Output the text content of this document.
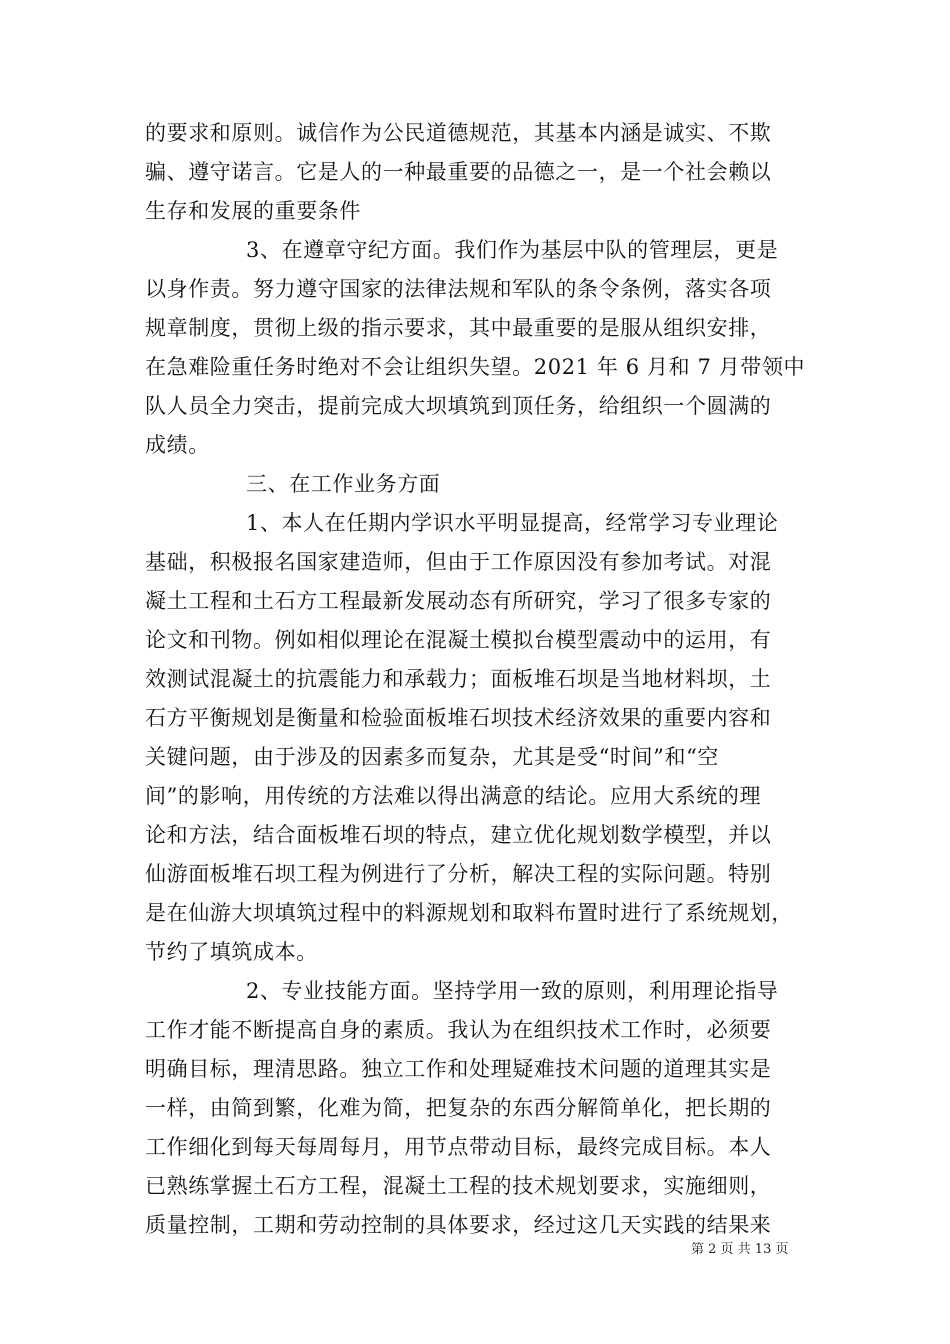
的要求和原则。诚信作为公民道德规范，其基本内涵是诚实、不欺
骗、遵守诺言。它是人的一种最重要的品德之一，是一个社会赖以
生存和发展的重要条件
3、在遵章守纪方面。我们作为基层中队的管理层，更是
以身作责。努力遵守国家的法律法规和军队的条令条例，落实各项
规章制度，贯彻上级的指示要求，其中最重要的是服从组织安排，
在急难险重任务时绝对不会让组织失望。2021 年 6 月和 7 月带领中
队人员全力突击，提前完成大坝填筑到顶任务，给组织一个圆满的
成绩。
三、在工作业务方面
1、本人在任期内学识水平明显提高，经常学习专业理论
基础，积极报名国家建造师，但由于工作原因没有参加考试。对混
凝土工程和土石方工程最新发展动态有所研究，学习了很多专家的
论文和刊物。例如相似理论在混凝土模拟台模型震动中的运用，有
效测试混凝土的抗震能力和承载力；面板堆石坝是当地材料坝，土
石方平衡规划是衡量和检验面板堆石坝技术经济效果的重要内容和
关键问题，由于涉及的因素多而复杂，尤其是受“时间”和“空
间”的影响，用传统的方法难以得出满意的结论。应用大系统的理
论和方法，结合面板堆石坝的特点，建立优化规划数学模型，并以
仙游面板堆石坝工程为例进行了分析，解决工程的实际问题。特别
是在仙游大坝填筑过程中的料源规划和取料布置时进行了系统规划，
节约了填筑成本。
2、专业技能方面。坚持学用一致的原则，利用理论指导
工作才能不断提高自身的素质。我认为在组织技术工作时，必须要
明确目标，理清思路。独立工作和处理疑难技术问题的道理其实是
一样，由简到繁，化难为简，把复杂的东西分解简单化，把长期的
工作细化到每天每周每月，用节点带动目标，最终完成目标。本人
已熟练掌握土石方工程，混凝土工程的技术规划要求，实施细则，
质量控制，工期和劳动控制的具体要求，经过这几天实践的结果来
第 2 页 共 13 页
